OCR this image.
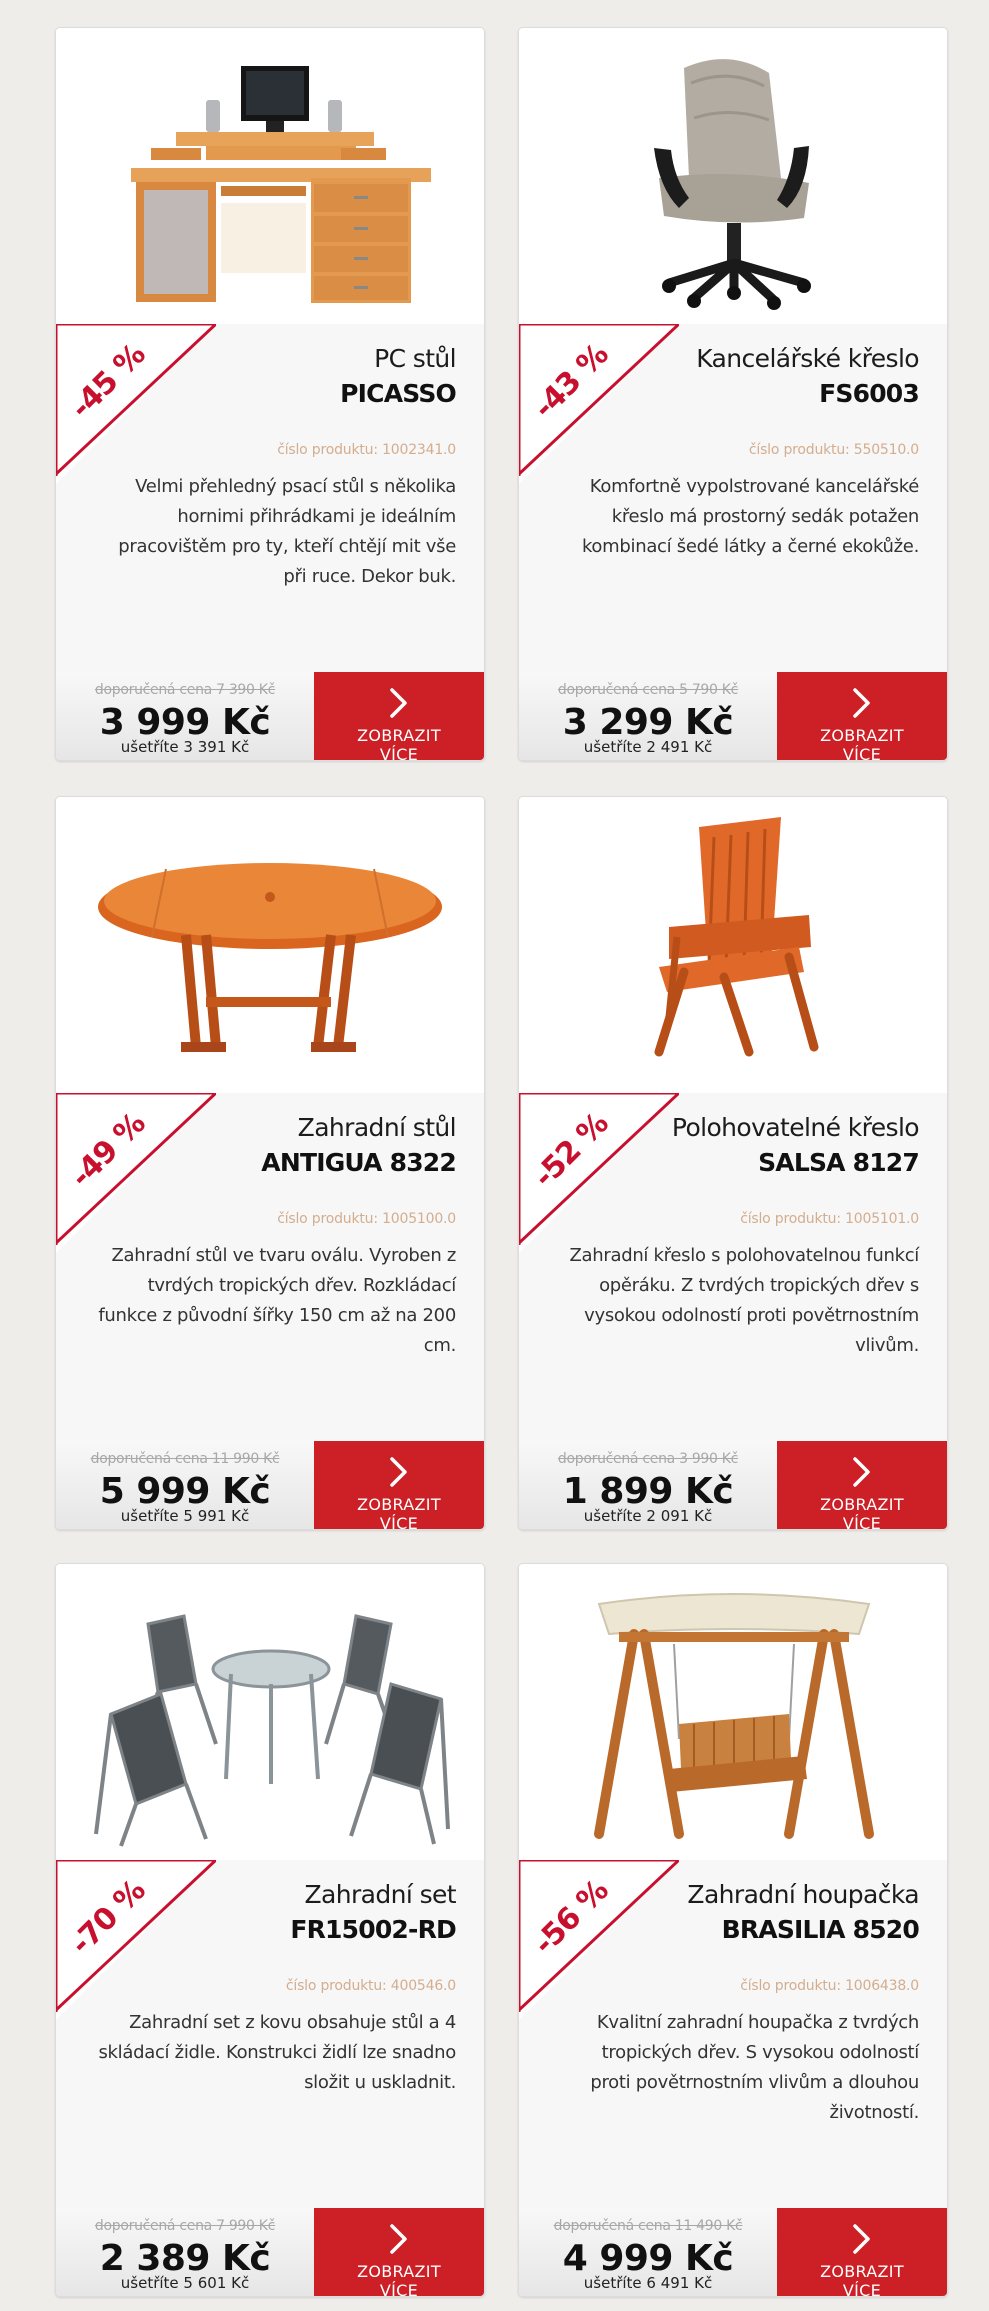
-45 %	PC stůl
PICASSO
číslo produktu: 1002341.0
Velmi přehledný psací stůl s několika hornimi přihrádkami je ideálním pracovištěm pro ty, kteří chtějí mit vše při ruce. Dekor buk.
doporučená cena 7 390 Kč
3 999 Kč
ušetříte 3 391 Kč
ZOBRAZIT
VÍCE
-43 %	Kancelářské křeslo
FS6003
číslo produktu: 550510.0
Komfortně vypolstrované kancelářské křeslo má prostorný sedák potažen kombinací šedé látky a černé ekokůže.
doporučená cena 5 790 Kč
3 299 Kč
ušetříte 2 491 Kč
ZOBRAZIT
VÍCE
-49 %	Zahradní stůl
ANTIGUA 8322
číslo produktu: 1005100.0
Zahradní stůl ve tvaru oválu. Vyroben z tvrdých tropických dřev. Rozkládací funkce z původní šířky 150 cm až na 200 cm.
doporučená cena 11 990 Kč
5 999 Kč
ušetříte 5 991 Kč
ZOBRAZIT
VÍCE
-52 % Polohovatelné křeslo
SALSA 8127
číslo produktu: 1005101.0
Zahradní křeslo s polohovatelnou funkcí opěráku. Z tvrdých tropických dřev s vysokou odolností proti povětrnostním vlivům.
doporučená cena 3 990 Kč
1 899 Kč
ušetříte 2 091 Kč
ZOBRAZIT
VÍCE
-70 %	Zahradní set
FR15002-RD
číslo produktu: 400546.0
Zahradní set z kovu obsahuje stůl a 4 skládací židle. Konstrukci židlí lze snadno složit u uskladnit.
doporučená cena 7 990 Kč
2 389 Kč
ušetříte 5 601 Kč
ZOBRAZIT
VÍCE
-56 %	Zahradní houpačka
BRASILIA 8520
číslo produktu: 1006438.0
Kvalitní zahradní houpačka z tvrdých tropických dřev. S vysokou odolností proti povětrnostním vlivům a dlouhou životností.
doporučená cena 11 490 Kč
4 999 Kč
ušetříte 6 491 Kč
ZOBRAZIT
VÍCE
